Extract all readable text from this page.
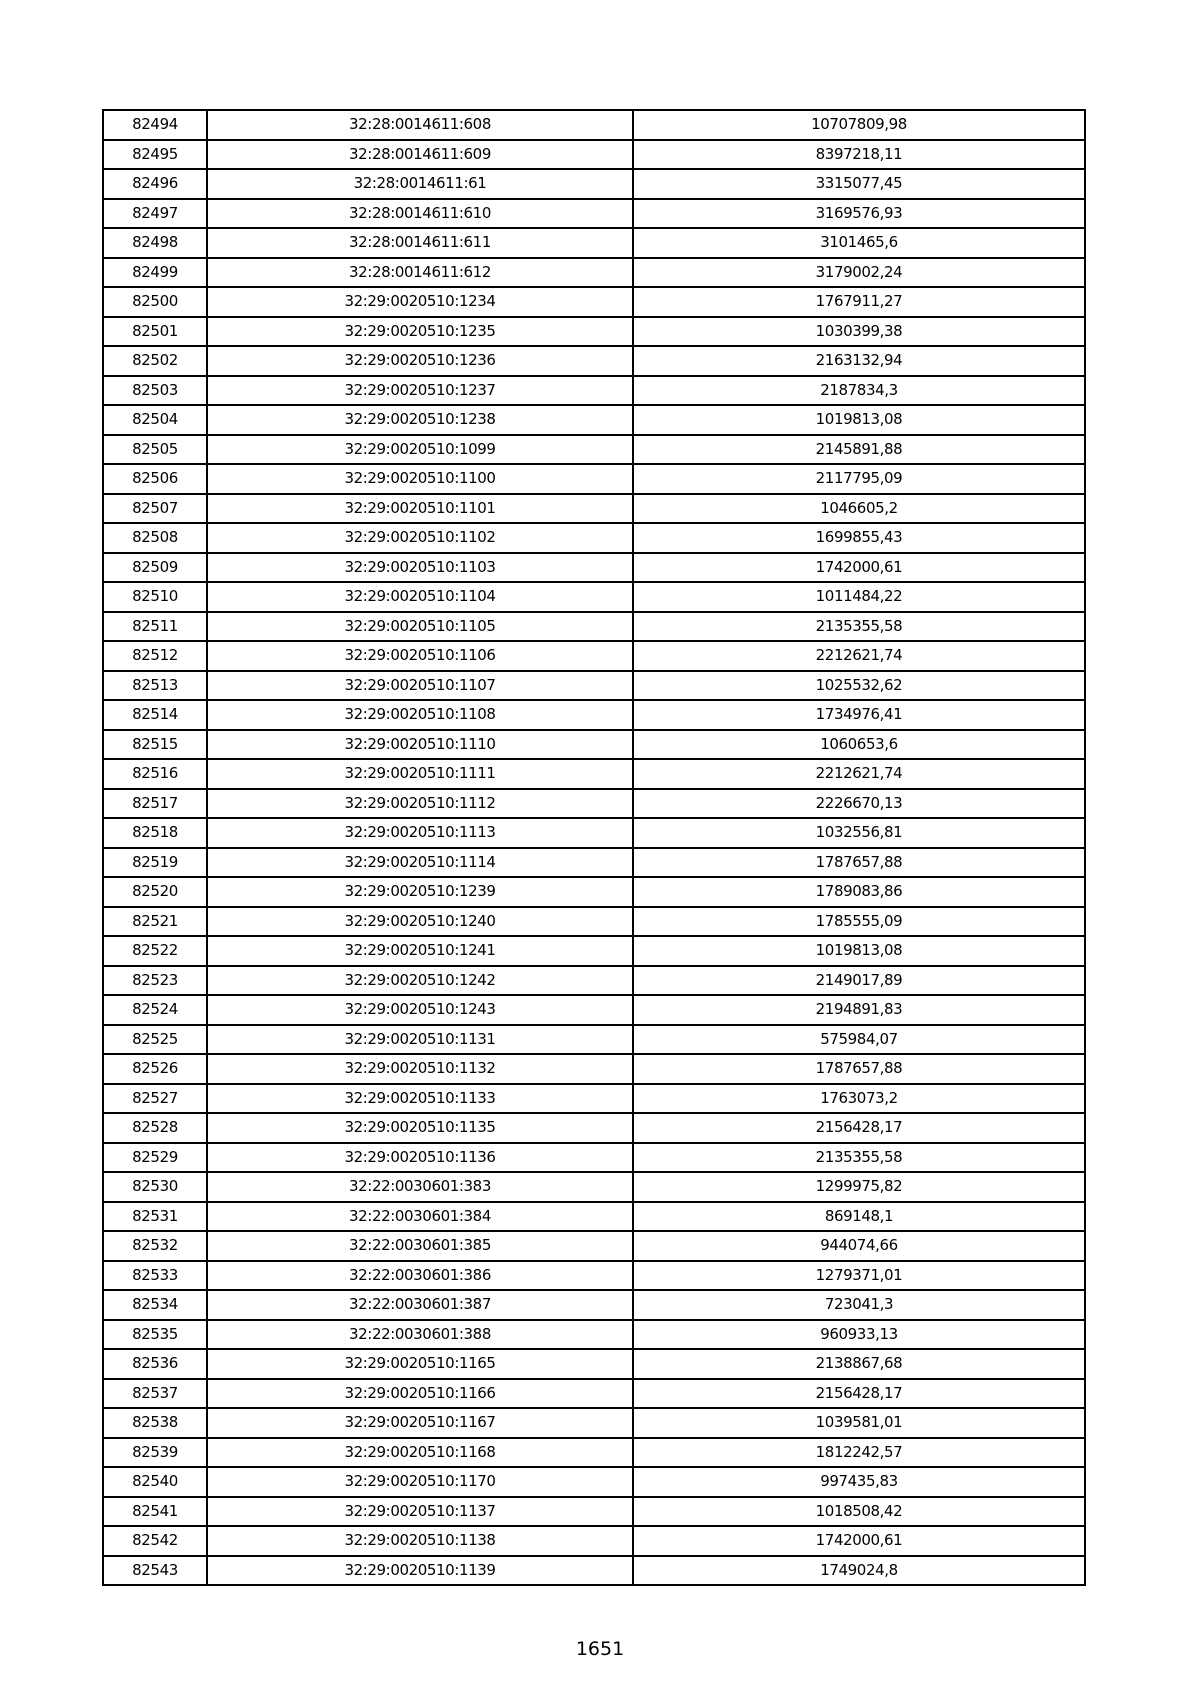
82494	32:28:0014611:608	10707809,98
82495	32:28:0014611:609	8397218,11
82496	32:28:0014611:61	3315077,45
82497	32:28:0014611:610	3169576,93
82498	32:28:0014611:611	3101465,6
82499	32:28:0014611:612	3179002,24
82500	32:29:0020510:1234	1767911,27
82501	32:29:0020510:1235	1030399,38
82502	32:29:0020510:1236	2163132,94
82503	32:29:0020510:1237	2187834,3
82504	32:29:0020510:1238	1019813,08
82505	32:29:0020510:1099	2145891,88
82506	32:29:0020510:1100	2117795,09
82507	32:29:0020510:1101	1046605,2
82508	32:29:0020510:1102	1699855,43
82509	32:29:0020510:1103	1742000,61
82510	32:29:0020510:1104	1011484,22
82511	32:29:0020510:1105	2135355,58
82512	32:29:0020510:1106	2212621,74
82513	32:29:0020510:1107	1025532,62
82514	32:29:0020510:1108	1734976,41
82515	32:29:0020510:1110	1060653,6
82516	32:29:0020510:1111	2212621,74
82517	32:29:0020510:1112	2226670,13
82518	32:29:0020510:1113	1032556,81
82519	32:29:0020510:1114	1787657,88
82520	32:29:0020510:1239	1789083,86
82521	32:29:0020510:1240	1785555,09
82522	32:29:0020510:1241	1019813,08
82523	32:29:0020510:1242	2149017,89
82524	32:29:0020510:1243	2194891,83
82525	32:29:0020510:1131	575984,07
82526	32:29:0020510:1132	1787657,88
82527	32:29:0020510:1133	1763073,2
82528	32:29:0020510:1135	2156428,17
82529	32:29:0020510:1136	2135355,58
82530	32:22:0030601:383	1299975,82
82531	32:22:0030601:384	869148,1
82532	32:22:0030601:385	944074,66
82533	32:22:0030601:386	1279371,01
82534	32:22:0030601:387	723041,3
82535	32:22:0030601:388	960933,13
82536	32:29:0020510:1165	2138867,68
82537	32:29:0020510:1166	2156428,17
82538	32:29:0020510:1167	1039581,01
82539	32:29:0020510:1168	1812242,57
82540	32:29:0020510:1170	997435,83
82541	32:29:0020510:1137	1018508,42
82542	32:29:0020510:1138	1742000,61
82543	32:29:0020510:1139	1749024,8
1651
